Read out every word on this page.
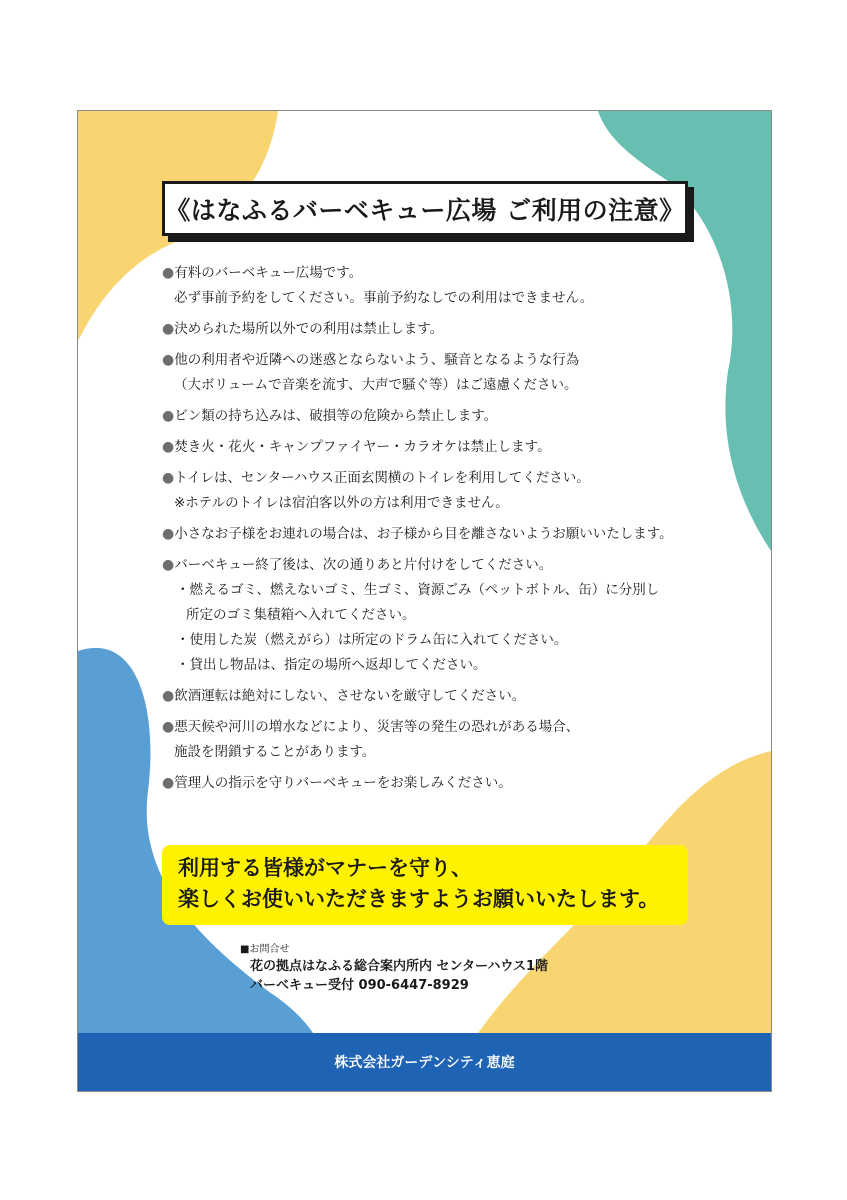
《はなふるバーベキュー広場 ご利用の注意》
●有料のバーベキュー広場です。
必ず事前予約をしてください。事前予約なしでの利用はできません。
●決められた場所以外での利用は禁止します。
●他の利用者や近隣への迷惑とならないよう、騒音となるような行為
（大ボリュームで音楽を流す、大声で騒ぐ等）はご遠慮ください。
●ビン類の持ち込みは、破損等の危険から禁止します。
●焚き火・花火・キャンプファイヤー・カラオケは禁止します。
●トイレは、センターハウス正面玄関横のトイレを利用してください。
※ホテルのトイレは宿泊客以外の方は利用できません。
●小さなお子様をお連れの場合は、お子様から目を離さないようお願いいたします。
●バーベキュー終了後は、次の通りあと片付けをしてください。
・燃えるゴミ、燃えないゴミ、生ゴミ、資源ごみ（ペットボトル、缶）に分別し
所定のゴミ集積箱へ入れてください。
・使用した炭（燃えがら）は所定のドラム缶に入れてください。
・貸出し物品は、指定の場所へ返却してください。
●飲酒運転は絶対にしない、させないを厳守してください。
●悪天候や河川の増水などにより、災害等の発生の恐れがある場合、
施設を閉鎖することがあります。
●管理人の指示を守りバーベキューをお楽しみください。
利用する皆様がマナーを守り、
楽しくお使いいただきますようお願いいたします。
■お問合せ
花の拠点はなふる総合案内所内 センターハウス1階
バーベキュー受付 090-6447-8929
株式会社ガーデンシティ恵庭
